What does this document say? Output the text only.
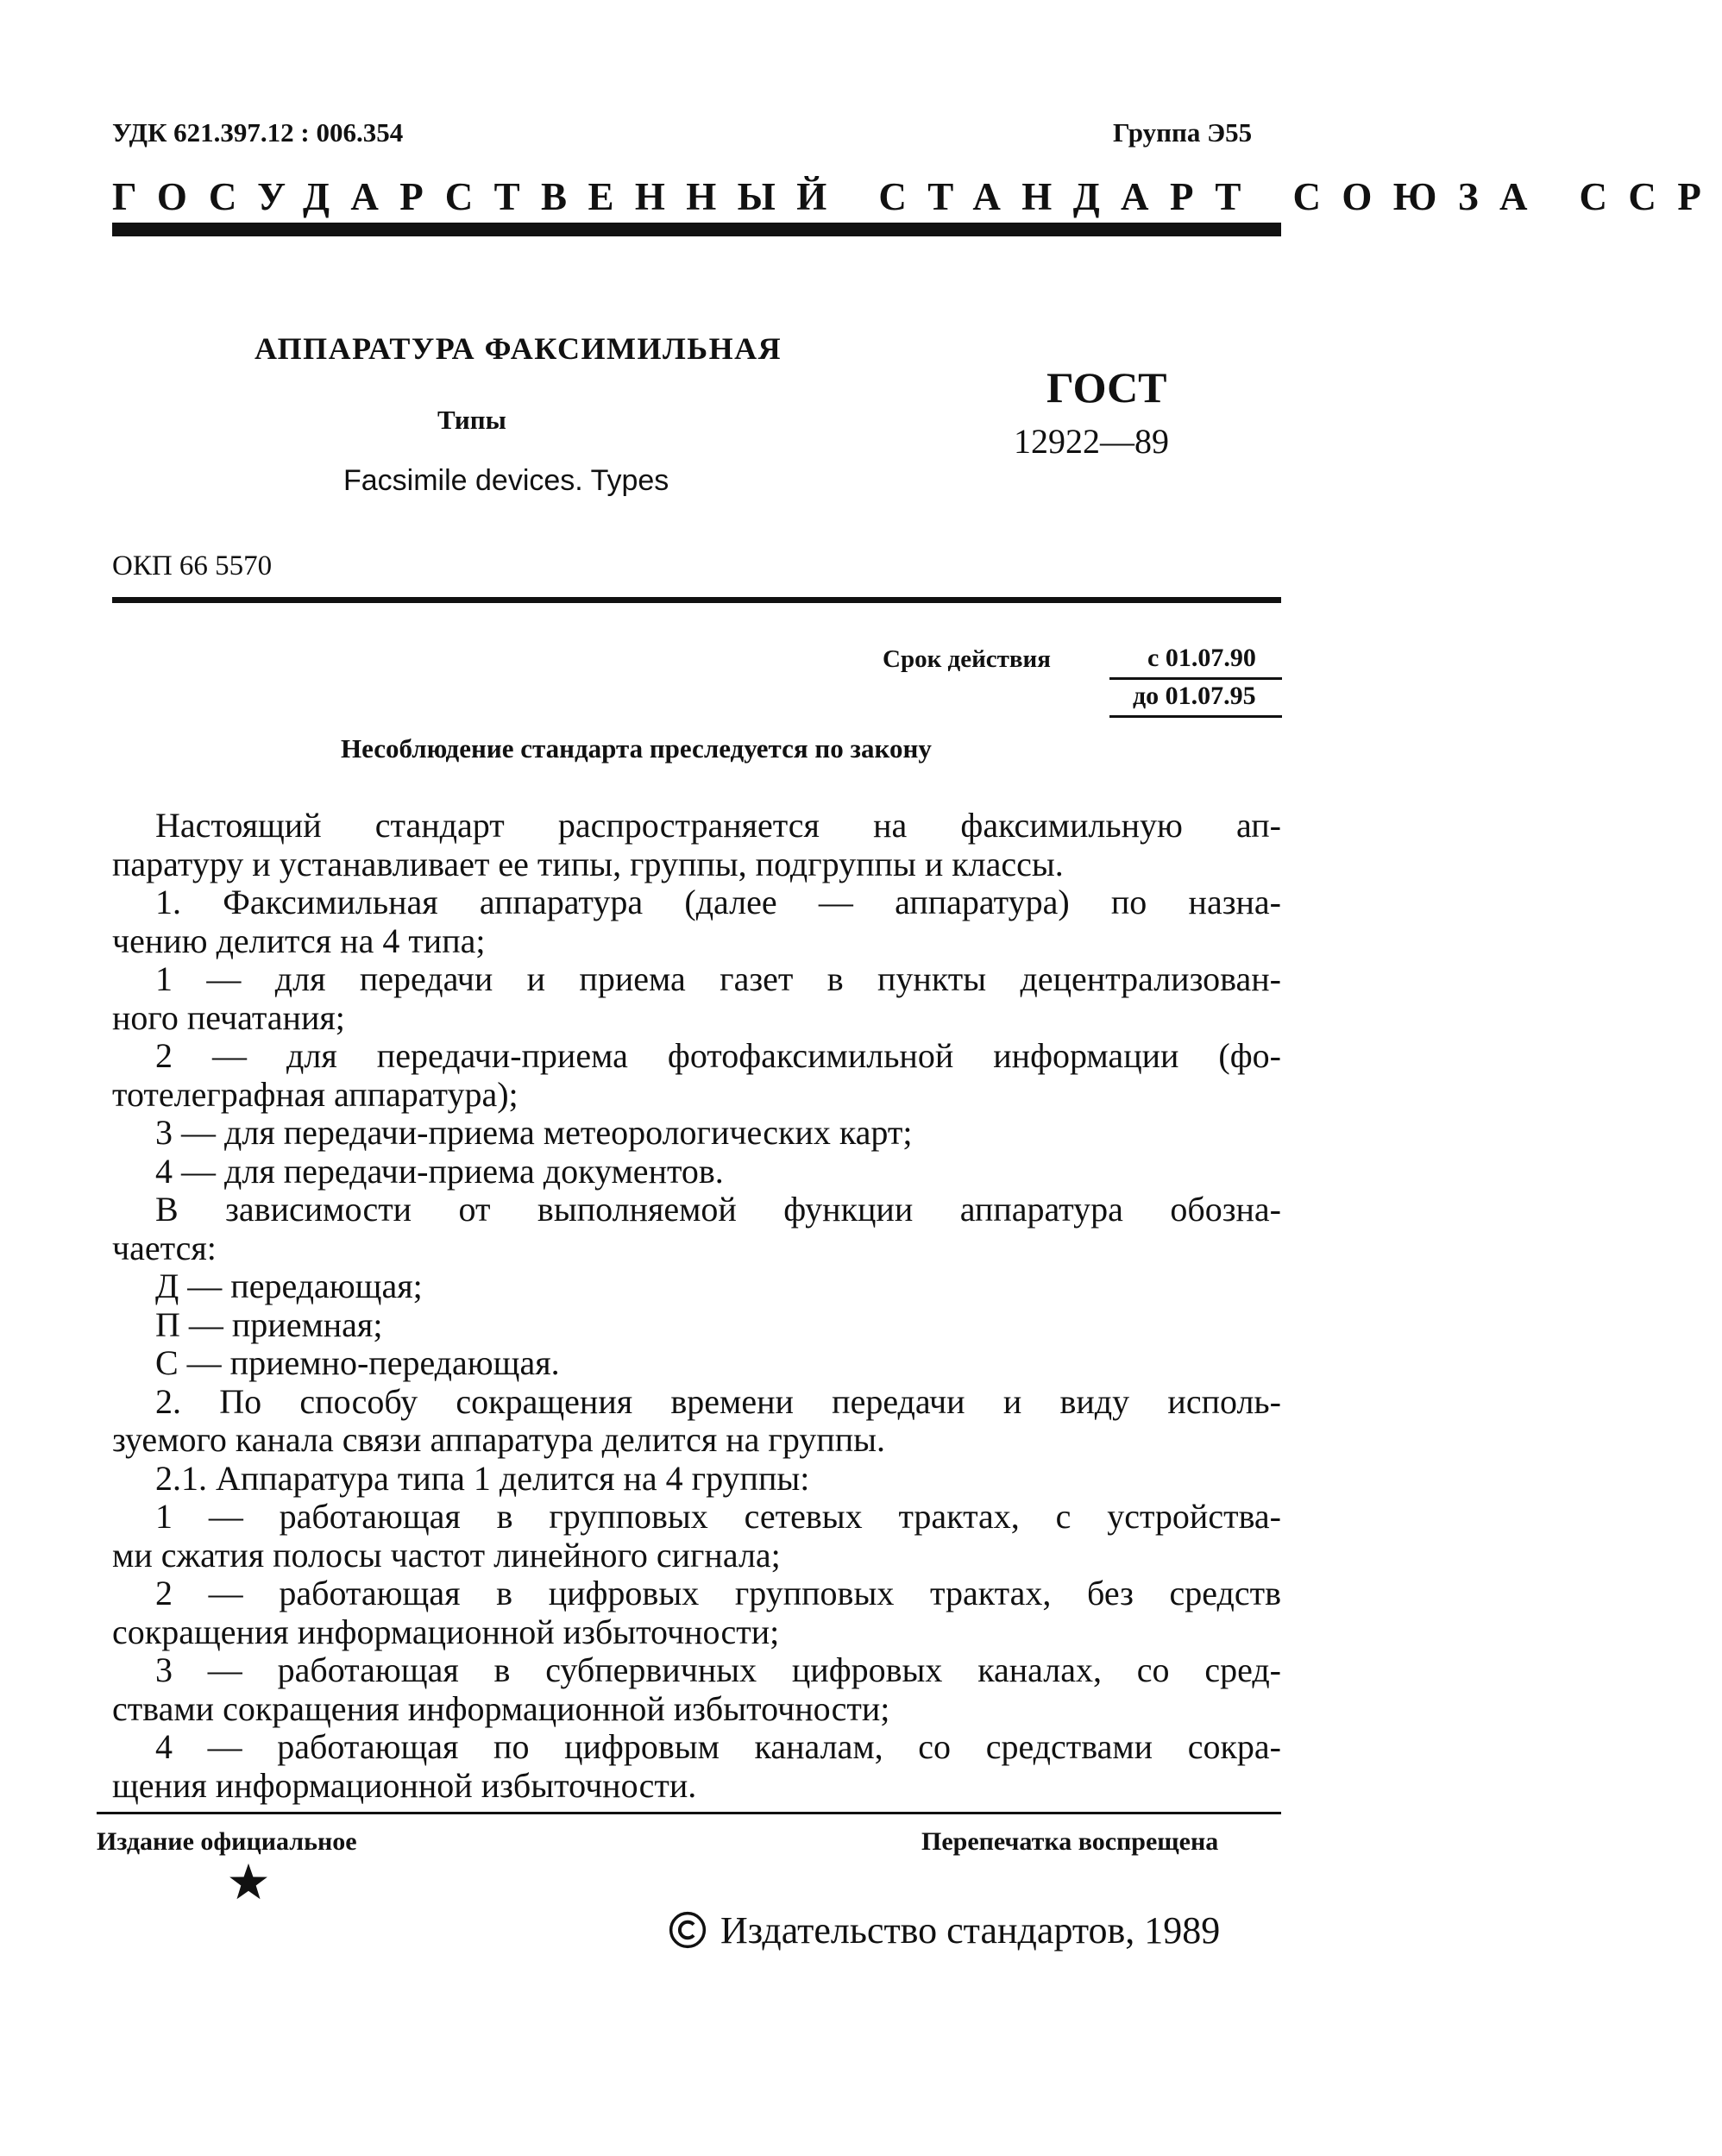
УДК 621.397.12 : 006.354	Группа Э55
ГОСУДАРСТВЕННЫЙ СТАНДАРТ СОЮЗА ССР
АППАРАТУРА ФАКСИМИЛЬНАЯ
Типы
Facsimile devices. Types
ГОСТ
12922—89
ОКП 66 5570
Срок действия	с 01.07.90
до 01.07.95
Несоблюдение стандарта преследуется по закону
Настоящий стандарт распространяется на факсимильную ап-
паратуру и устанавливает ее типы, группы, подгруппы и классы.
1. Факсимильная аппаратура (далее — аппаратура) по назна-
чению делится на 4 типа;
1 — для передачи и приема газет в пункты децентрализован-
ного печатания;
2 — для передачи-приема фотофаксимильной информации (фо-
тотелеграфная аппаратура);
3 — для передачи-приема метеорологических карт;
4 — для передачи-приема документов.
В зависимости от выполняемой функции аппаратура обозна-
чается:
Д — передающая;
П — приемная;
С — приемно-передающая.
2. По способу сокращения времени передачи и виду исполь-
зуемого канала связи аппаратура делится на группы.
2.1. Аппаратура типа 1 делится на 4 группы:
1 — работающая в групповых сетевых трактах, с устройства-
ми сжатия полосы частот линейного сигнала;
2 — работающая в цифровых групповых трактах, без средств
сокращения информационной избыточности;
3 — работающая в субпервичных цифровых каналах, со сред-
ствами сокращения информационной избыточности;
4 — работающая по цифровым каналам, со средствами сокра-
щения информационной избыточности.
Издание официальное	Перепечатка воспрещена
Издательство стандартов, 1989
